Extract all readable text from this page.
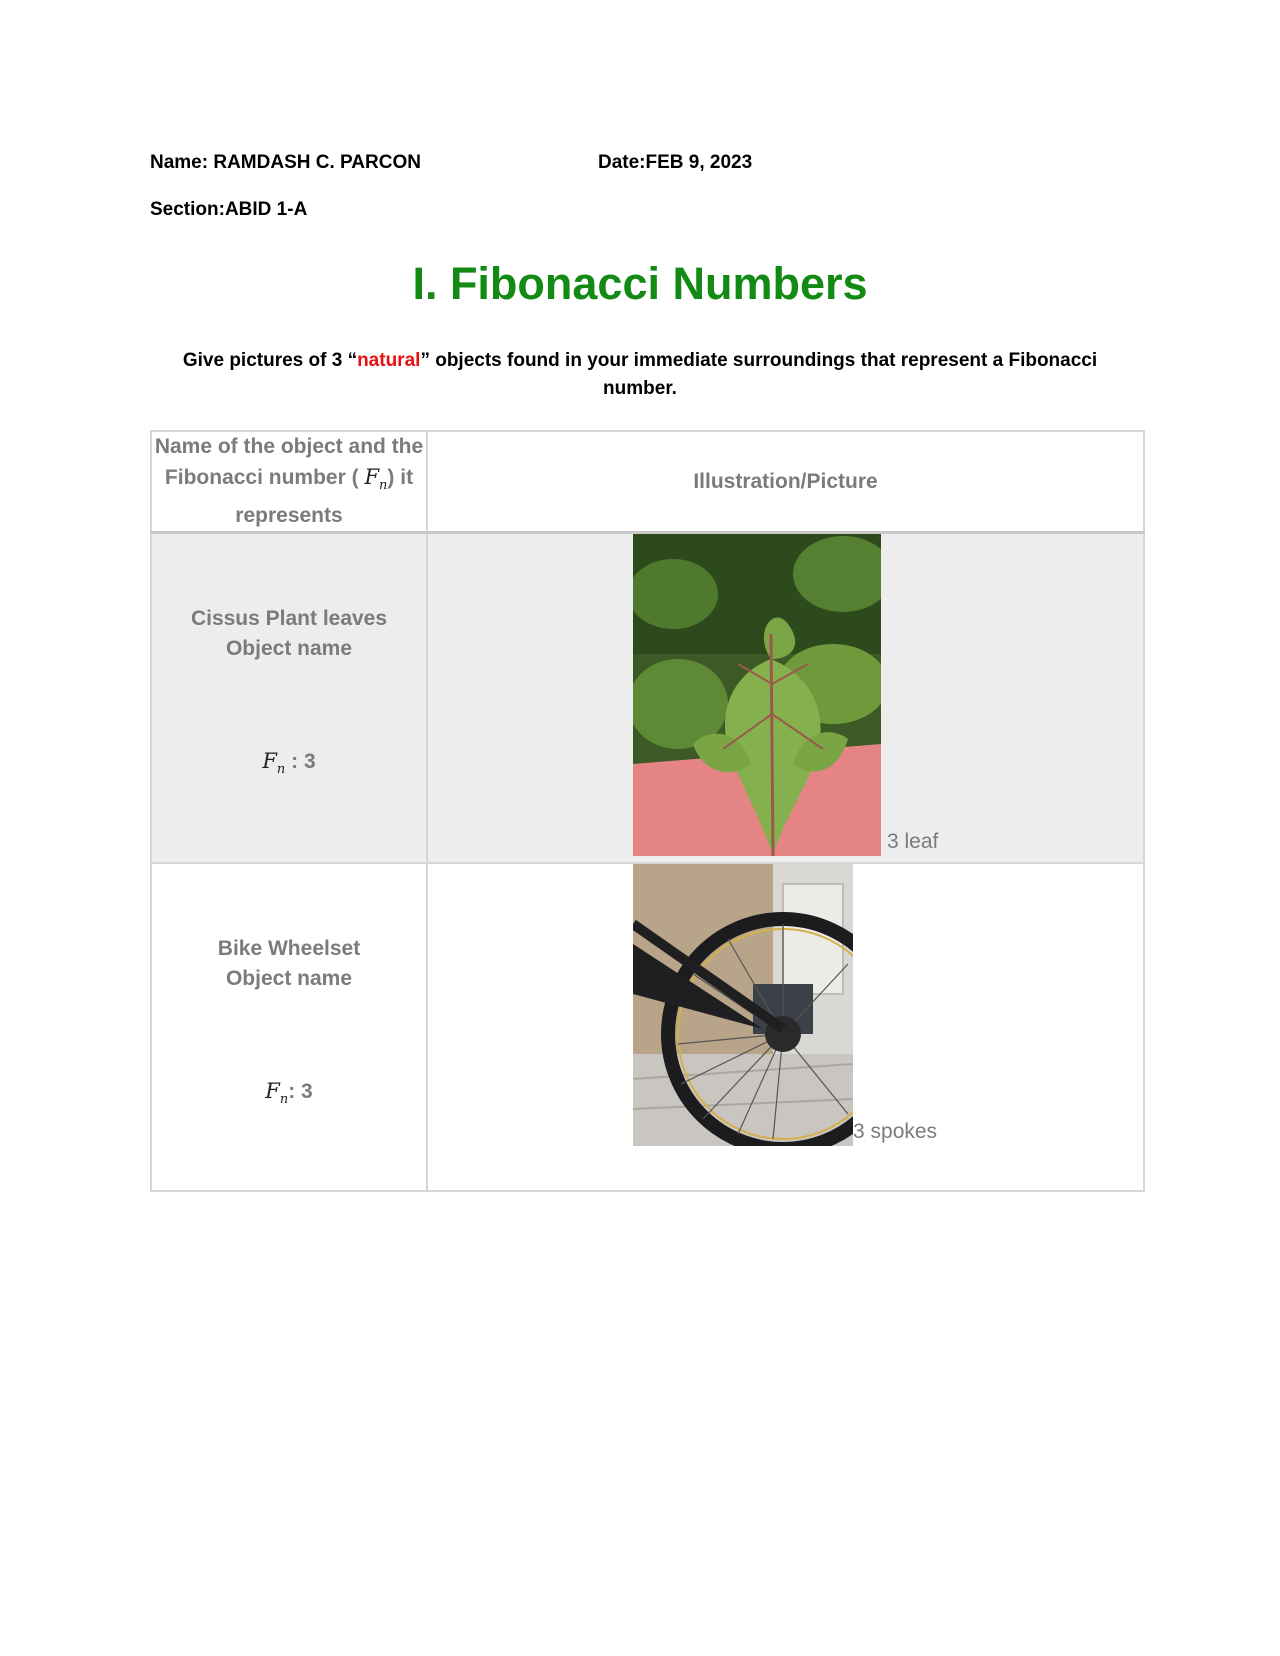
Name: RAMDASH C. PARCON	Date:FEB 9, 2023
Section:ABID 1-A
I. Fibonacci Numbers
Give pictures of 3 “natural” objects found in your immediate surroundings that represent a Fibonacci number.
Name of the object and the Fibonacci number ( $F_n$) it represents	Illustration/Picture

Cissus Plant leaves
Object name
$F_n$ : 3	3 leaf

Bike Wheelset
Object name
$F_n$: 3	3 spokes
